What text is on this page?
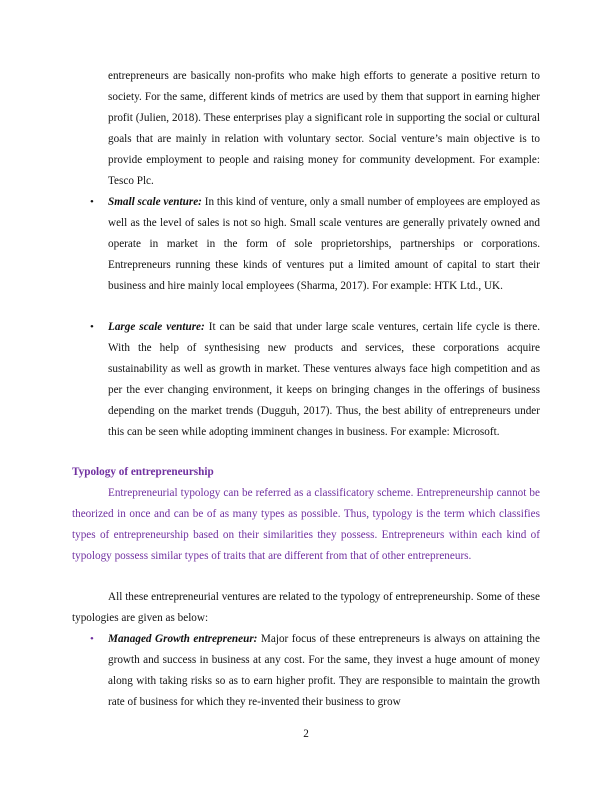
entrepreneurs are basically non-profits who make high efforts to generate a positive return to society. For the same, different kinds of metrics are used by them that support in earning higher profit (Julien, 2018). These enterprises play a significant role in supporting the social or cultural goals that are mainly in relation with voluntary sector. Social venture’s main objective is to provide employment to people and raising money for community development. For example: Tesco Plc.
• Small scale venture: In this kind of venture, only a small number of employees are employed as well as the level of sales is not so high. Small scale ventures are generally privately owned and operate in market in the form of sole proprietorships, partnerships or corporations. Entrepreneurs running these kinds of ventures put a limited amount of capital to start their business and hire mainly local employees (Sharma, 2017). For example: HTK Ltd., UK.
• Large scale venture: It can be said that under large scale ventures, certain life cycle is there. With the help of synthesising new products and services, these corporations acquire sustainability as well as growth in market. These ventures always face high competition and as per the ever changing environment, it keeps on bringing changes in the offerings of business depending on the market trends (Dugguh, 2017). Thus, the best ability of entrepreneurs under this can be seen while adopting imminent changes in business. For example: Microsoft.
Typology of entrepreneurship
Entrepreneurial typology can be referred as a classificatory scheme. Entrepreneurship cannot be theorized in once and can be of as many types as possible. Thus, typology is the term which classifies types of entrepreneurship based on their similarities they possess. Entrepreneurs within each kind of typology possess similar types of traits that are different from that of other entrepreneurs.
All these entrepreneurial ventures are related to the typology of entrepreneurship. Some of these typologies are given as below:
• Managed Growth entrepreneur: Major focus of these entrepreneurs is always on attaining the growth and success in business at any cost. For the same, they invest a huge amount of money along with taking risks so as to earn higher profit. They are responsible to maintain the growth rate of business for which they re-invented their business to grow
2
